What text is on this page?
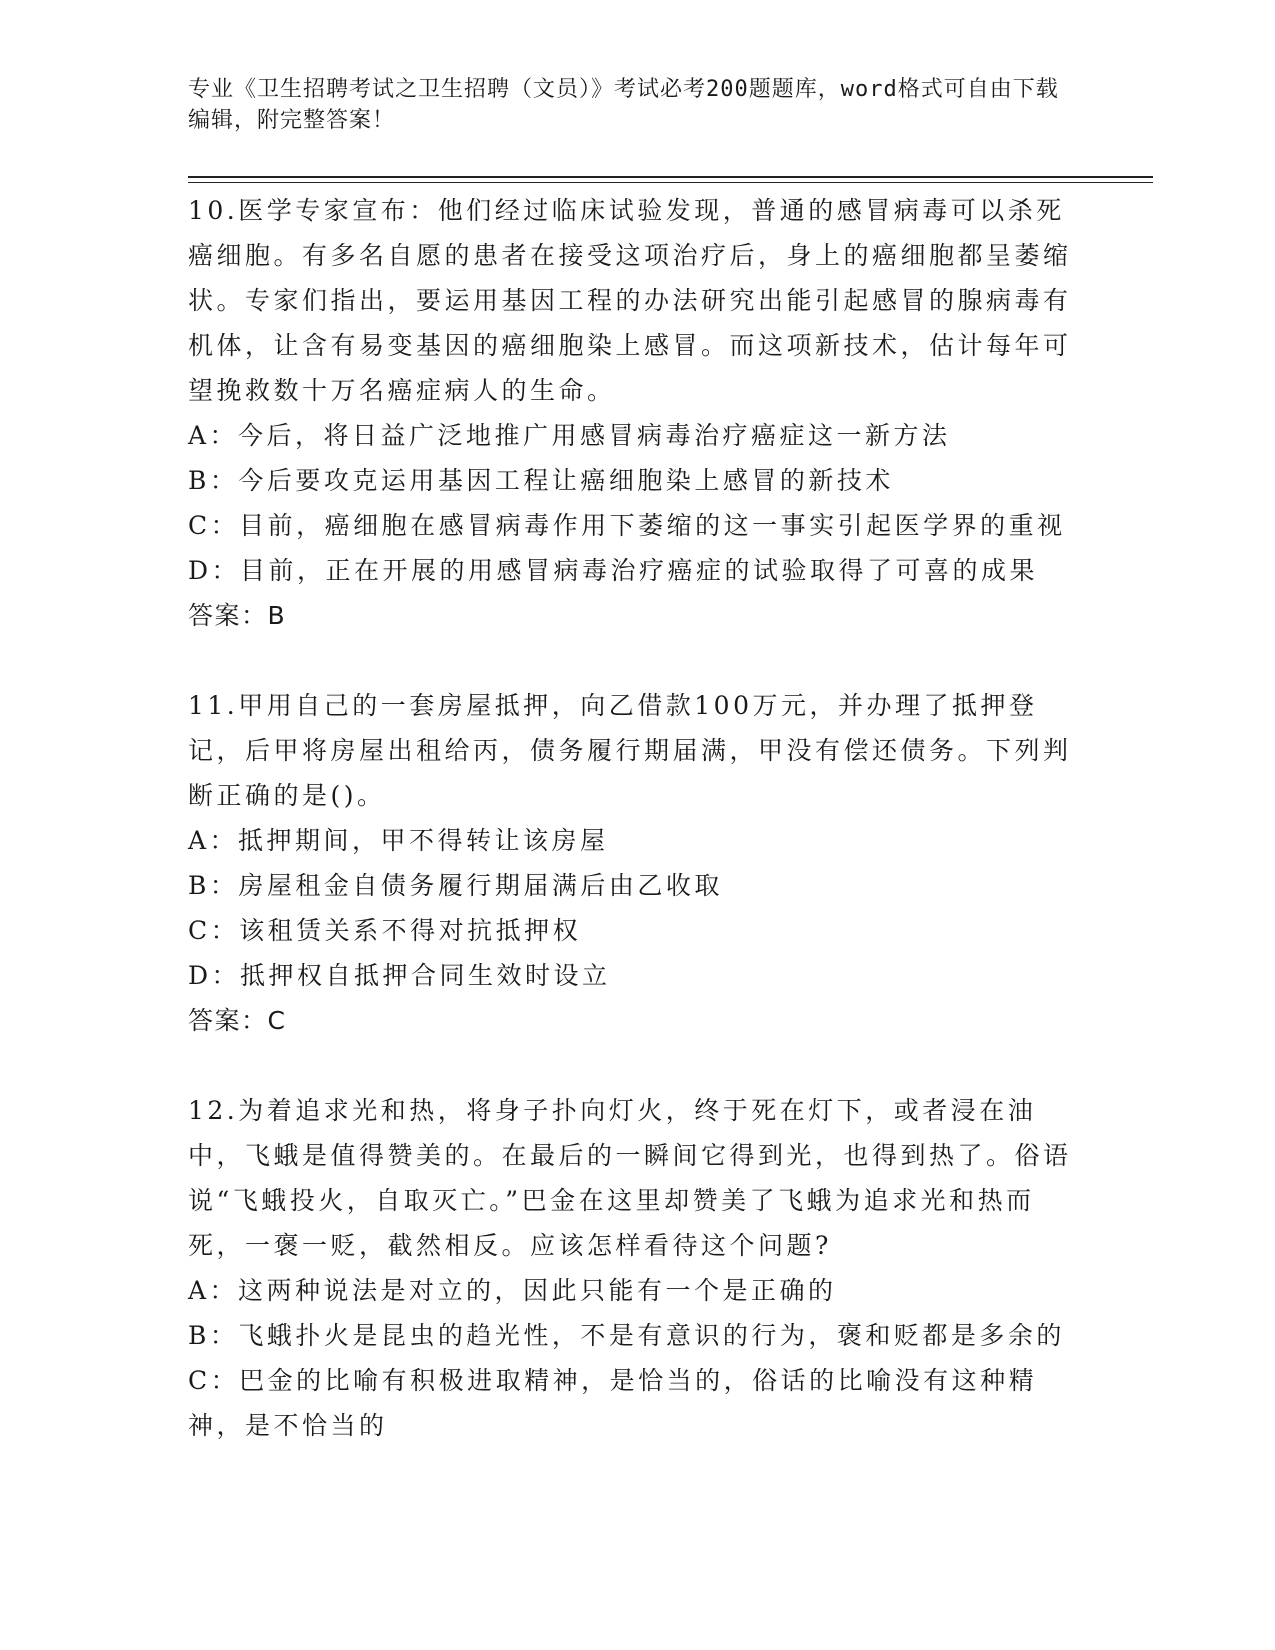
专业《卫生招聘考试之卫生招聘（文员）》考试必考200题题库，word格式可自由下载编辑，附完整答案！

10.医学专家宣布：他们经过临床试验发现，普通的感冒病毒可以杀死癌细胞。有多名自愿的患者在接受这项治疗后，身上的癌细胞都呈萎缩状。专家们指出，要运用基因工程的办法研究出能引起感冒的腺病毒有机体，让含有易变基因的癌细胞染上感冒。而这项新技术，估计每年可望挽救数十万名癌症病人的生命。

A：今后，将日益广泛地推广用感冒病毒治疗癌症这一新方法

B：今后要攻克运用基因工程让癌细胞染上感冒的新技术

C：目前，癌细胞在感冒病毒作用下萎缩的这一事实引起医学界的重视

D：目前，正在开展的用感冒病毒治疗癌症的试验取得了可喜的成果

答案：B

11.甲用自己的一套房屋抵押，向乙借款100万元，并办理了抵押登记，后甲将房屋出租给丙，债务履行期届满，甲没有偿还债务。下列判断正确的是()。

A：抵押期间，甲不得转让该房屋

B：房屋租金自债务履行期届满后由乙收取

C：该租赁关系不得对抗抵押权

D：抵押权自抵押合同生效时设立

答案：C

12.为着追求光和热，将身子扑向灯火，终于死在灯下，或者浸在油中，飞蛾是值得赞美的。在最后的一瞬间它得到光，也得到热了。俗语说“飞蛾投火，自取灭亡。”巴金在这里却赞美了飞蛾为追求光和热而死，一褒一贬，截然相反。应该怎样看待这个问题?

A：这两种说法是对立的，因此只能有一个是正确的

B：飞蛾扑火是昆虫的趋光性，不是有意识的行为，褒和贬都是多余的

C：巴金的比喻有积极进取精神，是恰当的，俗话的比喻没有这种精神，是不恰当的
